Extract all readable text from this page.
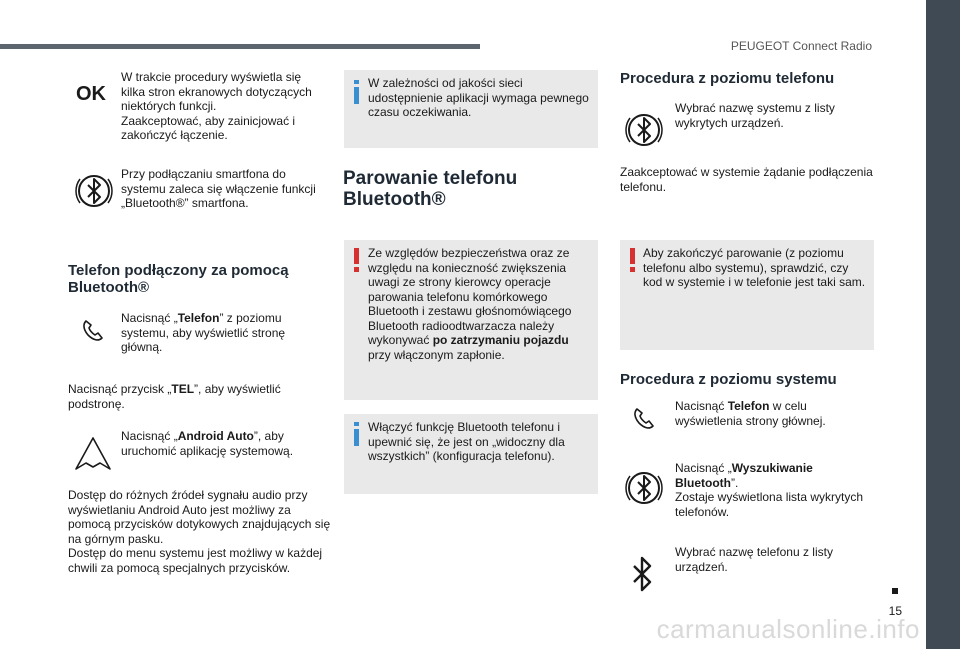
PEUGEOT Connect Radio
15
carmanualsonline.info
OK
W trakcie procedury wyświetla się kilka stron ekranowych dotyczących niektórych funkcji.
Zaakceptować, aby zainicjować i zakończyć łączenie.
Przy podłączaniu smartfona do systemu zaleca się włączenie funkcji „Bluetooth®” smartfona.
Telefon podłączony za pomocą Bluetooth®
Nacisnąć „Telefon” z poziomu systemu, aby wyświetlić stronę główną.
Nacisnąć przycisk „TEL”, aby wyświetlić podstronę.
Nacisnąć „Android Auto”, aby uruchomić aplikację systemową.
Dostęp do różnych źródeł sygnału audio przy wyświetlaniu Android Auto jest możliwy za pomocą przycisków dotykowych znajdujących się na górnym pasku.
Dostęp do menu systemu jest możliwy w każdej chwili za pomocą specjalnych przycisków.
W zależności od jakości sieci udostępnienie aplikacji wymaga pewnego czasu oczekiwania.
Parowanie telefonu
Bluetooth®
Ze względów bezpieczeństwa oraz ze względu na konieczność zwiększenia uwagi ze strony kierowcy operacje parowania telefonu komórkowego Bluetooth i zestawu głośnomówiącego Bluetooth radioodtwarzacza należy wykonywać po zatrzymaniu pojazdu przy włączonym zapłonie.
Włączyć funkcję Bluetooth telefonu i upewnić się, że jest on „widoczny dla wszystkich” (konfiguracja telefonu).
Procedura z poziomu telefonu
Wybrać nazwę systemu z listy wykrytych urządzeń.
Zaakceptować w systemie żądanie podłączenia telefonu.
Aby zakończyć parowanie (z poziomu telefonu albo systemu), sprawdzić, czy kod w systemie i w telefonie jest taki sam.
Procedura z poziomu systemu
Nacisnąć Telefon w celu wyświetlenia strony głównej.
Nacisnąć „Wyszukiwanie Bluetooth”.
Zostaje wyświetlona lista wykrytych telefonów.
Wybrać nazwę telefonu z listy urządzeń.
